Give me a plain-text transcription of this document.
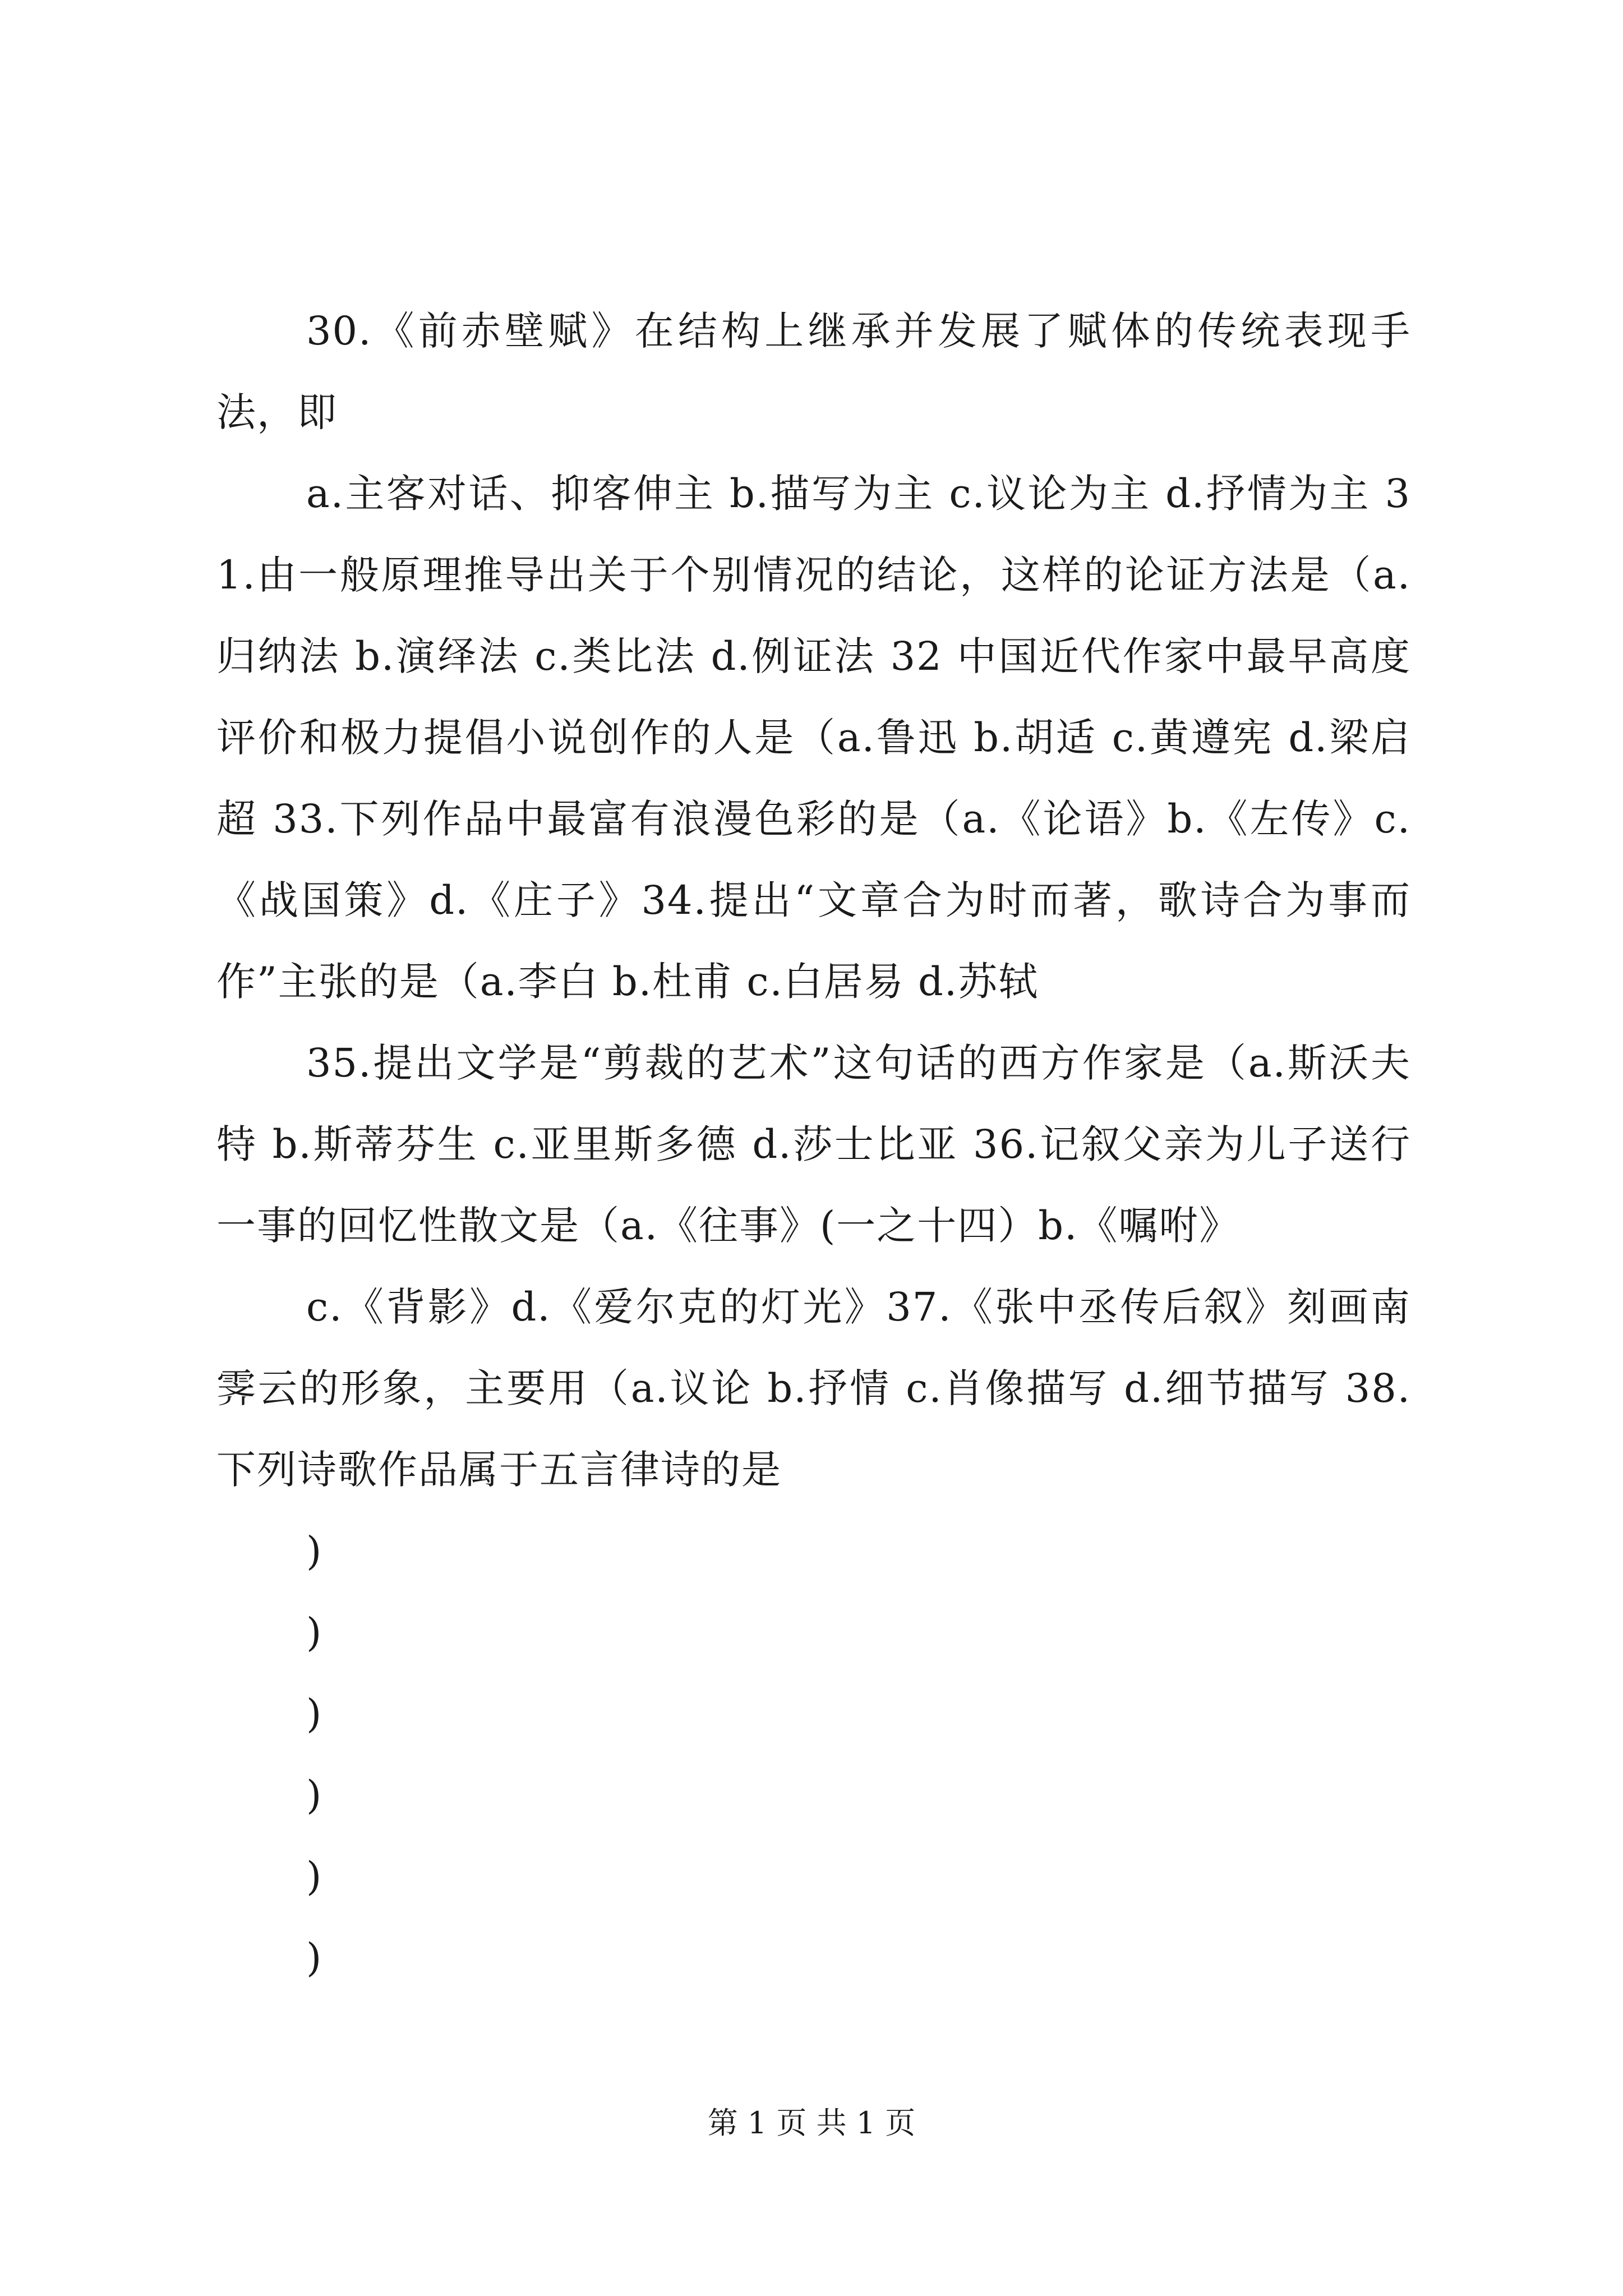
30.《前赤壁赋》在结构上继承并发展了赋体的传统表现手法，即

a.主客对话、抑客伸主 b.描写为主 c.议论为主 d.抒情为主 31.由一般原理推导出关于个别情况的结论，这样的论证方法是（a.归纳法 b.演绎法 c.类比法 d.例证法 32 中国近代作家中最早高度评价和极力提倡小说创作的人是（a.鲁迅 b.胡适 c.黄遵宪 d.梁启超 33.下列作品中最富有浪漫色彩的是（a.《论语》b.《左传》c.《战国策》d.《庄子》34.提出“文章合为时而著，歌诗合为事而作”主张的是（a.李白 b.杜甫 c.白居易 d.苏轼

35.提出文学是“剪裁的艺术”这句话的西方作家是（a.斯沃夫特 b.斯蒂芬生 c.亚里斯多德 d.莎士比亚 36.记叙父亲为儿子送行一事的回忆性散文是（a.《往事》(一之十四）b.《嘱咐》

c.《背影》d.《爱尔克的灯光》37.《张中丞传后叙》刻画南霁云的形象，主要用（a.议论 b.抒情 c.肖像描写 d.细节描写 38.下列诗歌作品属于五言律诗的是

)

)

)

)

)

)

第 1 页 共 1 页
